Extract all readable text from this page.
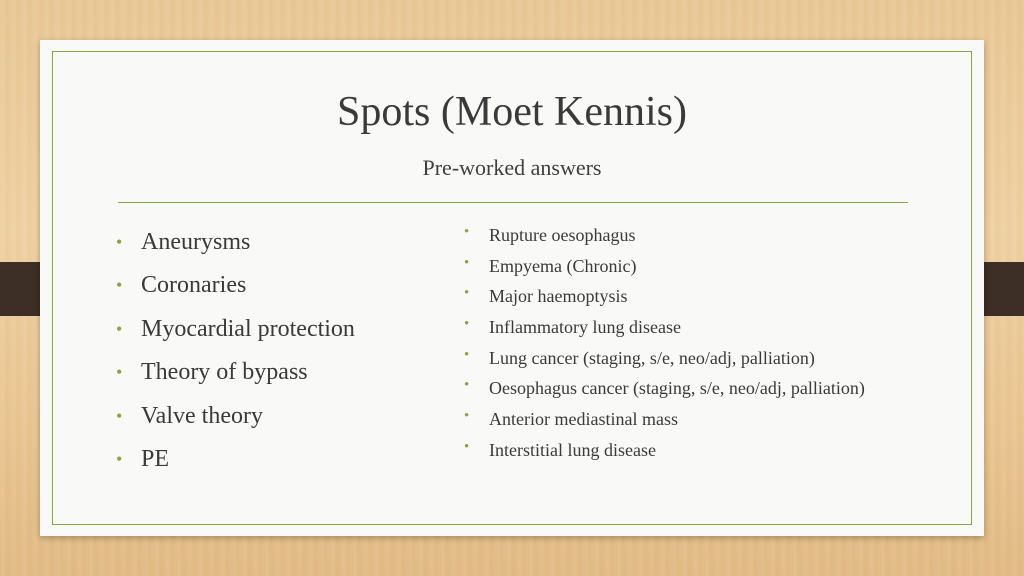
Spots (Moet Kennis)
Pre-worked answers
• Aneurysms
• Coronaries
• Myocardial protection
• Theory of bypass
• Valve theory
• PE
• Rupture oesophagus
• Empyema (Chronic)
• Major haemoptysis
• Inflammatory lung disease
• Lung cancer (staging, s/e, neo/adj, palliation)
• Oesophagus cancer (staging, s/e, neo/adj, palliation)
• Anterior mediastinal mass
• Interstitial lung disease
